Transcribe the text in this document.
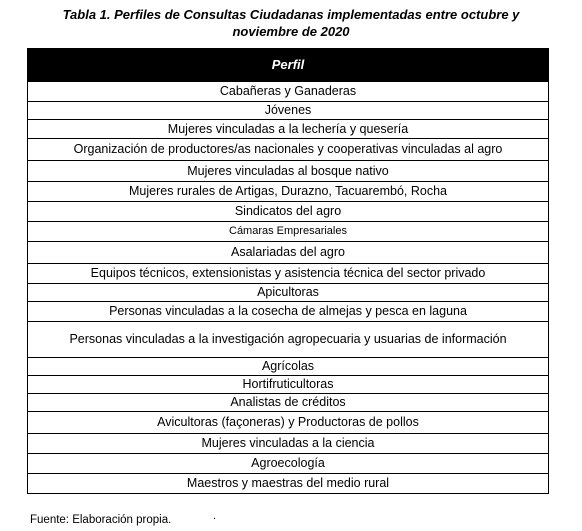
Tabla 1. Perfiles de Consultas Ciudadanas implementadas entre octubre y
noviembre de 2020
Perfil
Cabañeras y Ganaderas
Jóvenes
Mujeres vinculadas a la lechería y quesería
Organización de productores/as nacionales y cooperativas vinculadas al agro
Mujeres vinculadas al bosque nativo
Mujeres rurales de Artigas, Durazno, Tacuarembó, Rocha
Sindicatos del agro
Cámaras Empresariales
Asalariadas del agro
Equipos técnicos, extensionistas y asistencia técnica del sector privado
Apicultoras
Personas vinculadas a la cosecha de almejas y pesca en laguna
Personas vinculadas a la investigación agropecuaria y usuarias de información
Agrícolas
Hortifruticultoras
Analistas de créditos
Avicultoras (façoneras) y Productoras de pollos
Mujeres vinculadas a la ciencia
Agroecología
Maestros y maestras del medio rural
Fuente: Elaboración propia.	.
